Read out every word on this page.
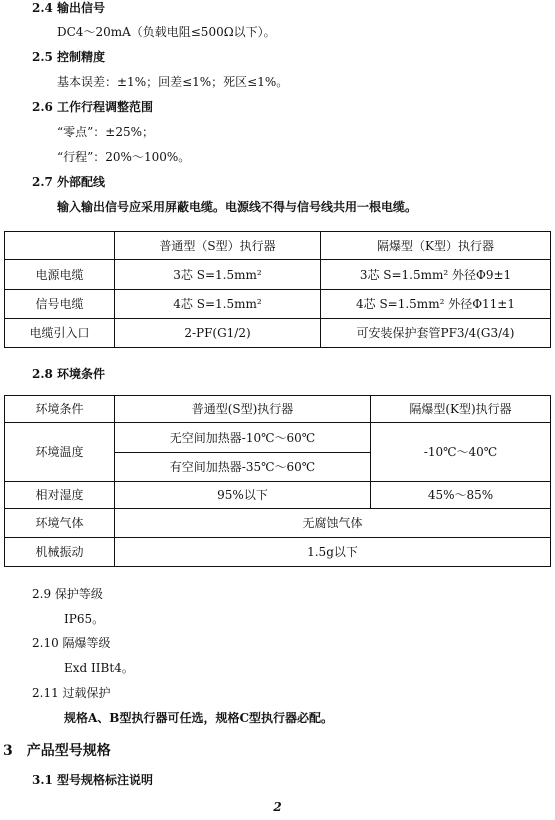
2.4 输出信号
DC4～20mA（负载电阻≤500Ω以下）。
2.5 控制精度
基本误差：±1%；回差≤1%；死区≤1%。
2.6 工作行程调整范围
“零点”：±25%；
“行程”：20%～100%。
2.7 外部配线
输入输出信号应采用屏蔽电缆。电源线不得与信号线共用一根电缆。
	普通型（S型）执行器	隔爆型（K型）执行器
电源电缆	3芯 S=1.5mm²	3芯 S=1.5mm² 外径Φ9±1
信号电缆	4芯 S=1.5mm²	4芯 S=1.5mm² 外径Φ11±1
电缆引入口	2-PF(G1/2)	可安装保护套管PF3/4(G3/4)
2.8 环境条件
环境条件	普通型(S型)执行器	隔爆型(K型)执行器
环境温度	无空间加热器-10℃～60℃	-10℃～40℃
	有空间加热器-35℃～60℃	
相对湿度	95%以下	45%～85%
环境气体	无腐蚀气体	
机械振动	1.5g以下	
2.9 保护等级
IP65。
2.10 隔爆等级
Exd IIBt4。
2.11 过载保护
规格A、B型执行器可任选，规格C型执行器必配。
3　产品型号规格
3.1 型号规格标注说明
2
